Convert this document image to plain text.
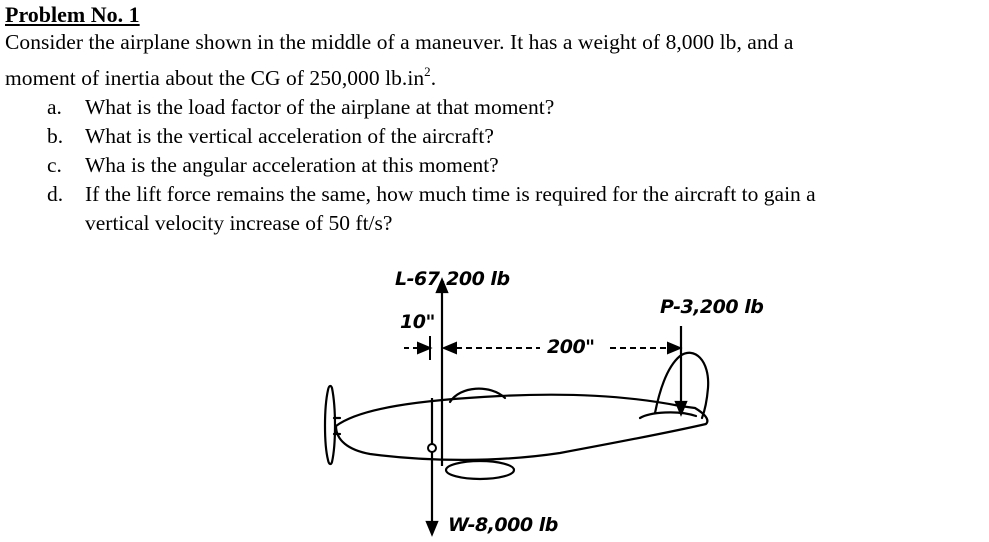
Problem No. 1

Consider the airplane shown in the middle of a maneuver. It has a weight of 8,000 lb, and a
moment of inertia about the CG of 250,000 $lb.in^2$.

a. What is the load factor of the airplane at that moment?
b. What is the vertical acceleration of the aircraft?
c. Wha is the angular acceleration at this moment?
d. If the lift force remains the same, how much time is required for the aircraft to gain a
vertical velocity increase of 50 ft/s?
L-67,200 lb
P-3,200 lb
10"
200"
W-8,000 lb
